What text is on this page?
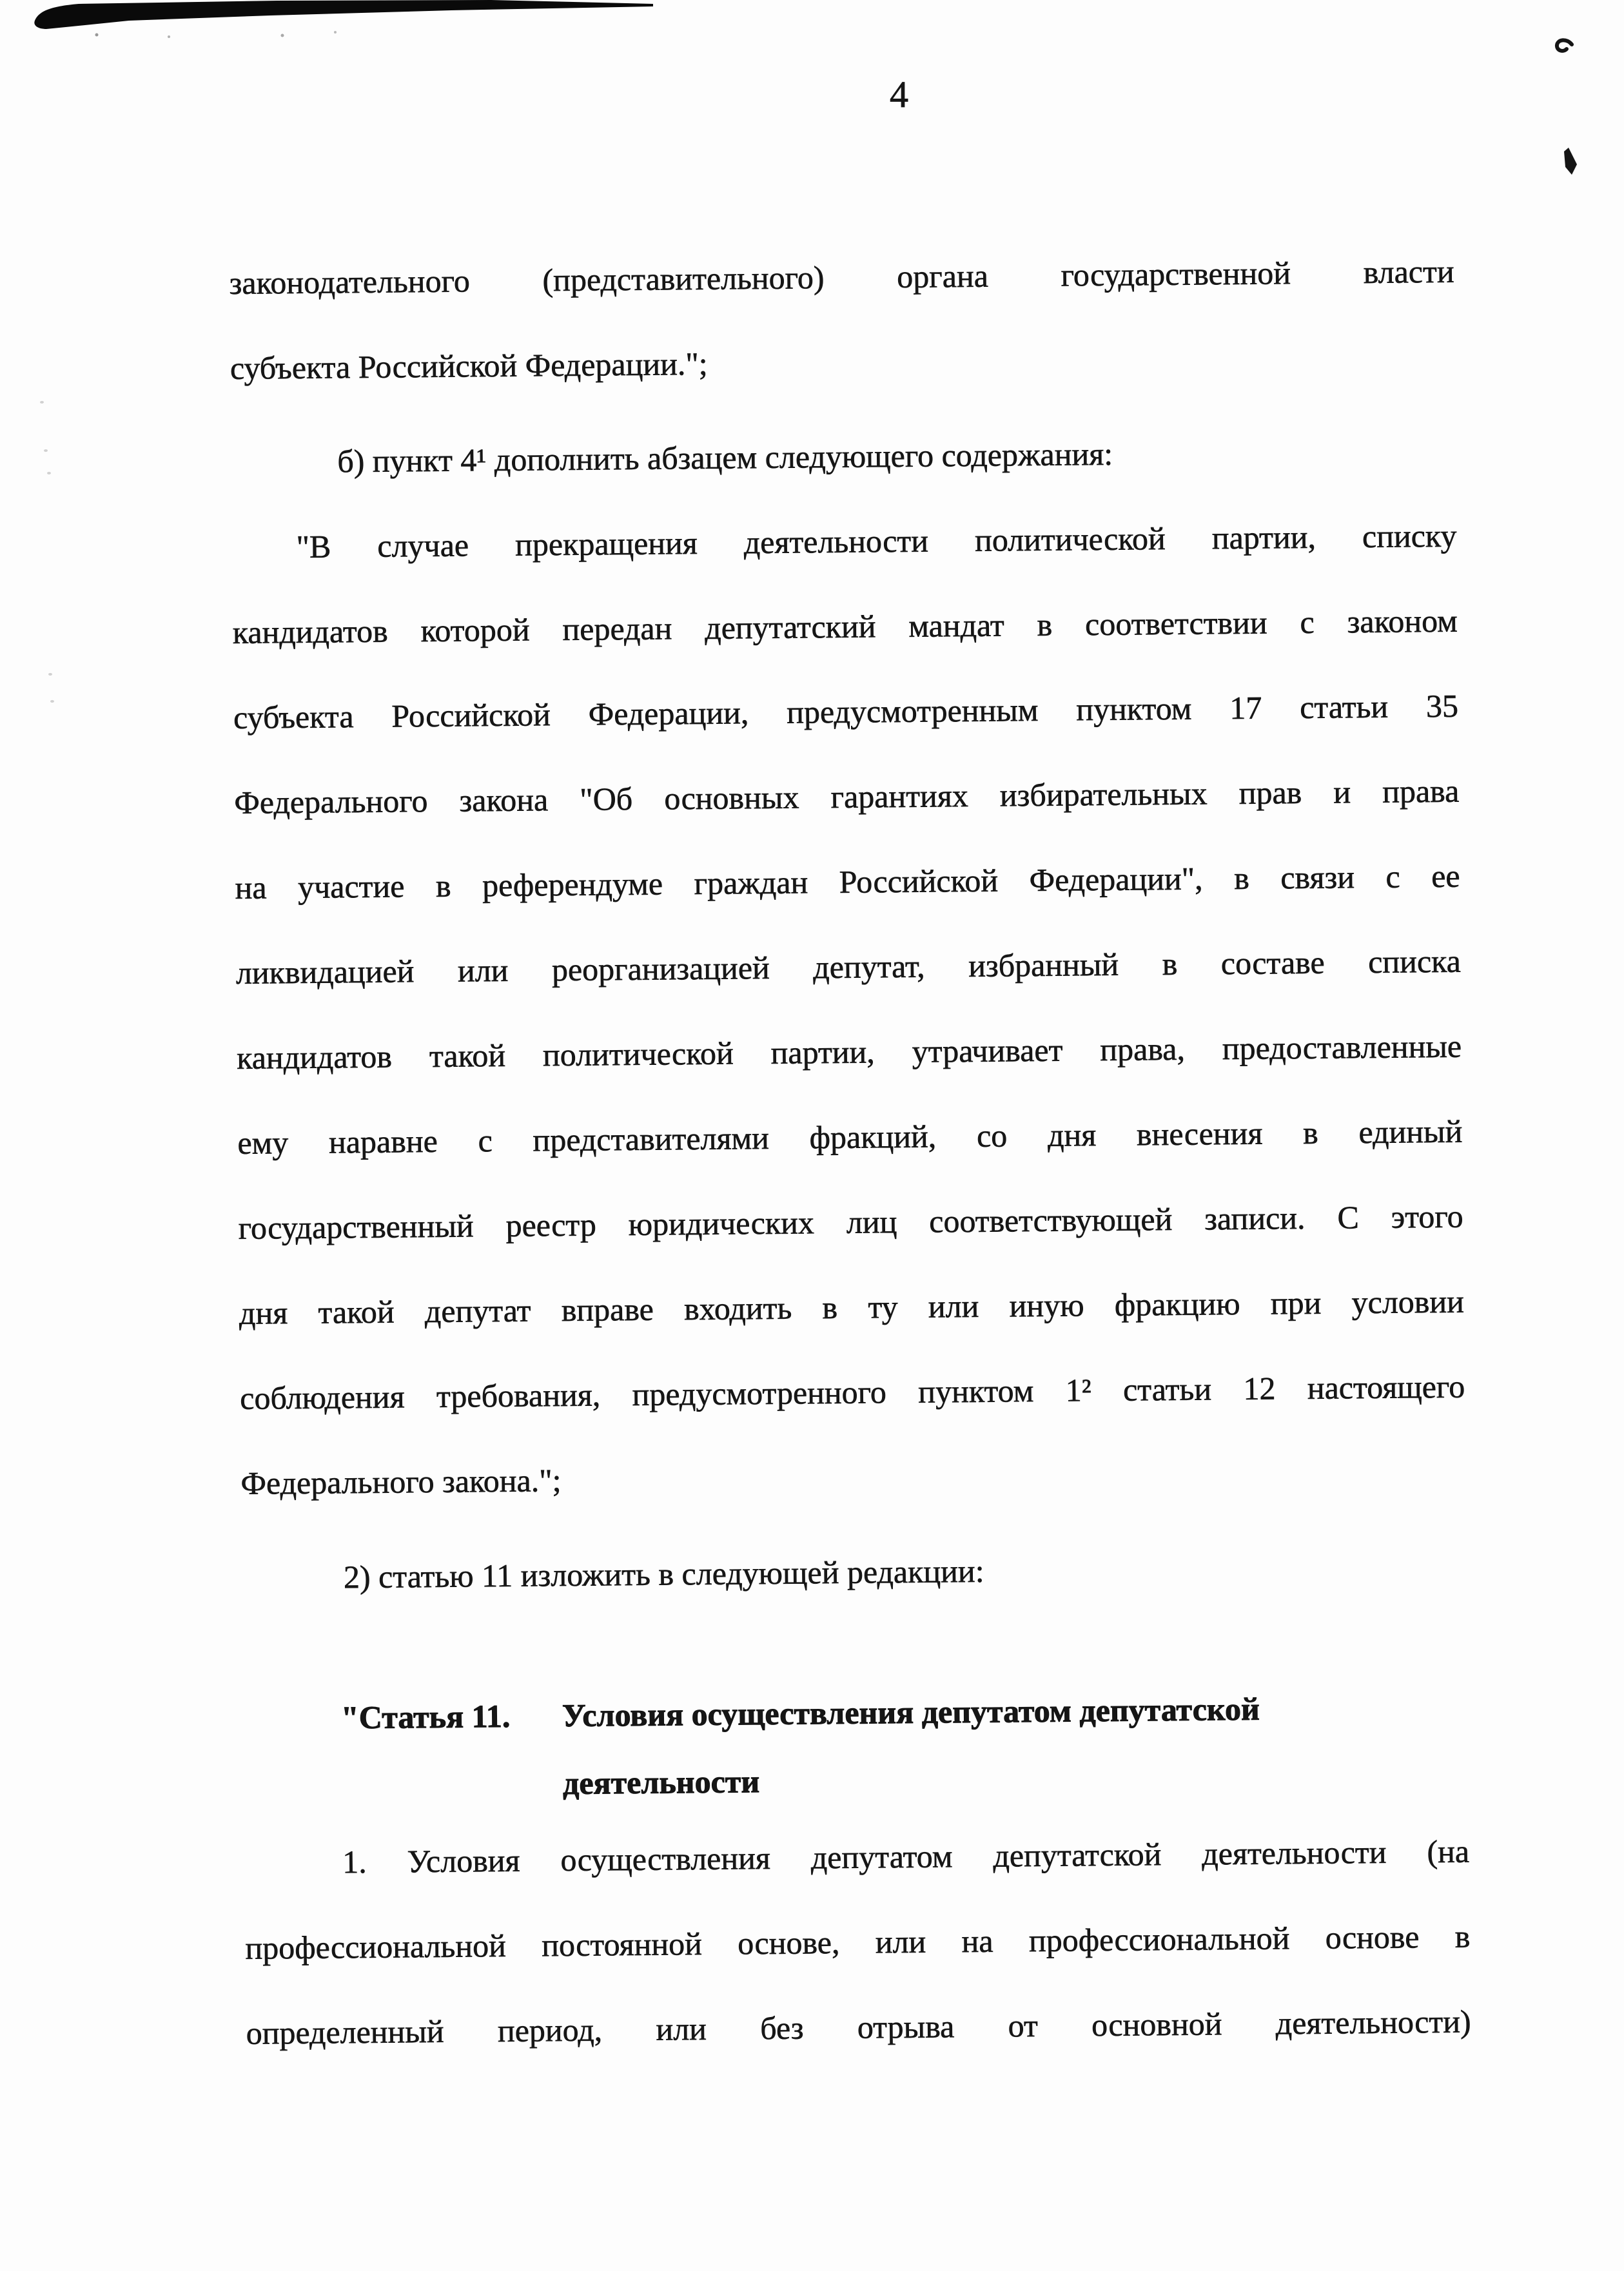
4
законодательного (представительного) органа государственной власти
субъекта Российской Федерации.";
б) пункт 4¹ дополнить абзацем следующего содержания:
"В случае прекращения деятельности политической партии, списку
кандидатов которой передан депутатский мандат в соответствии с законом
субъекта Российской Федерации, предусмотренным пунктом 17 статьи 35
Федерального закона "Об основных гарантиях избирательных прав и права
на участие в референдуме граждан Российской Федерации", в связи с ее
ликвидацией или реорганизацией депутат, избранный в составе списка
кандидатов такой политической партии, утрачивает права, предоставленные
ему наравне с представителями фракций, со дня внесения в единый
государственный реестр юридических лиц соответствующей записи. С этого
дня такой депутат вправе входить в ту или иную фракцию при условии
соблюдения требования, предусмотренного пунктом 1² статьи 12 настоящего
Федерального закона.";
2) статью 11 изложить в следующей редакции:
"Статья 11.	Условия осуществления депутатом депутатской
деятельности
1. Условия осуществления депутатом депутатской деятельности (на
профессиональной постоянной основе, или на профессиональной основе в
определенный период, или без отрыва от основной деятельности)
